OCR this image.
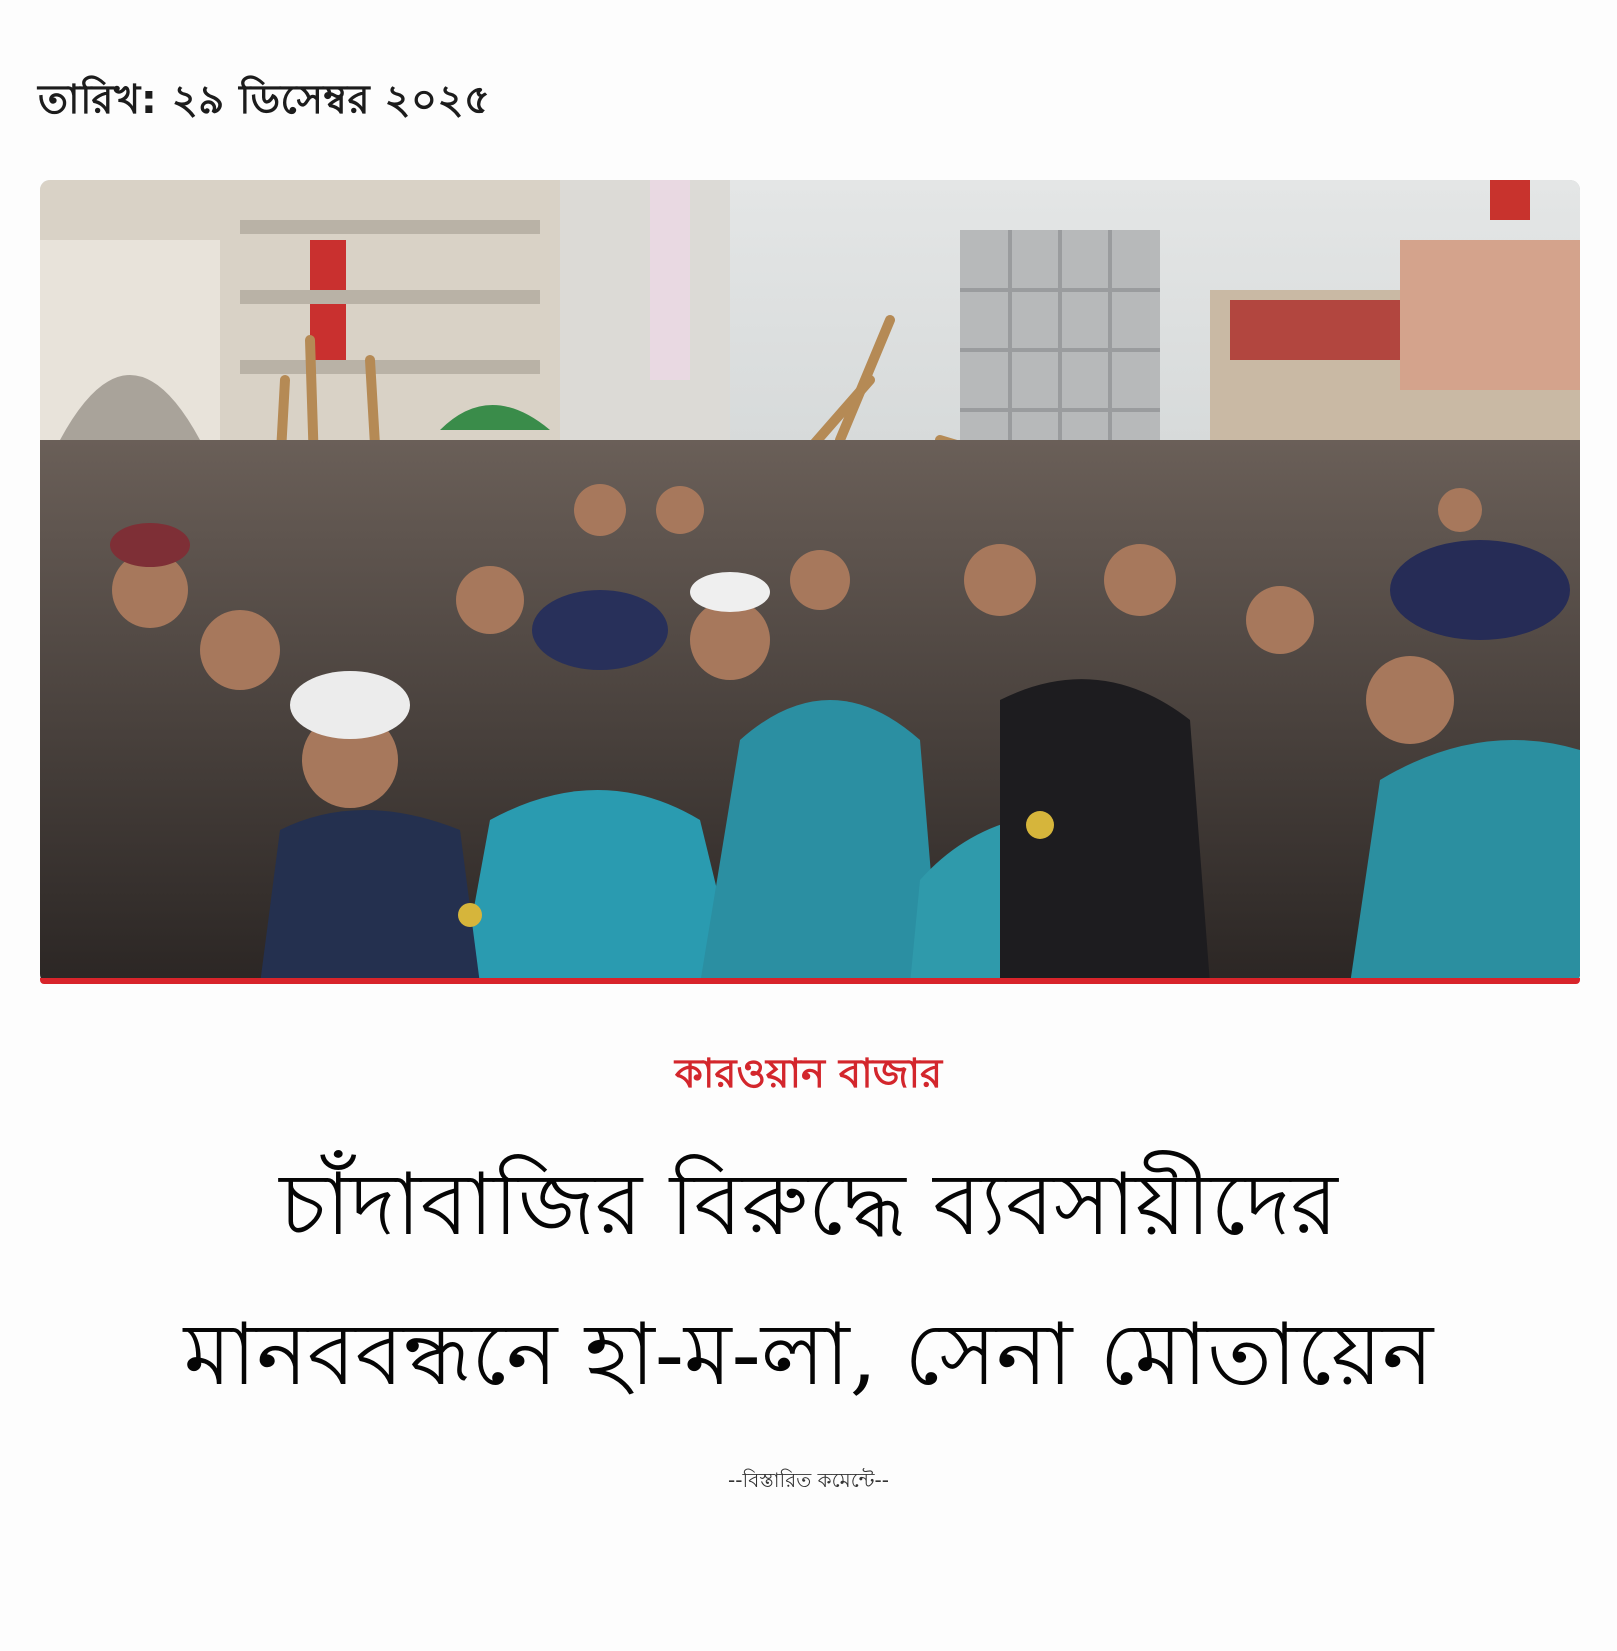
তারিখ: ২৯ ডিসেম্বর ২০২৫
কারওয়ান বাজার
চাঁদাবাজির বিরুদ্ধে ব্যবসায়ীদের
মানববন্ধনে হা-ম-লা, সেনা মোতায়েন
--বিস্তারিত কমেন্টে--
